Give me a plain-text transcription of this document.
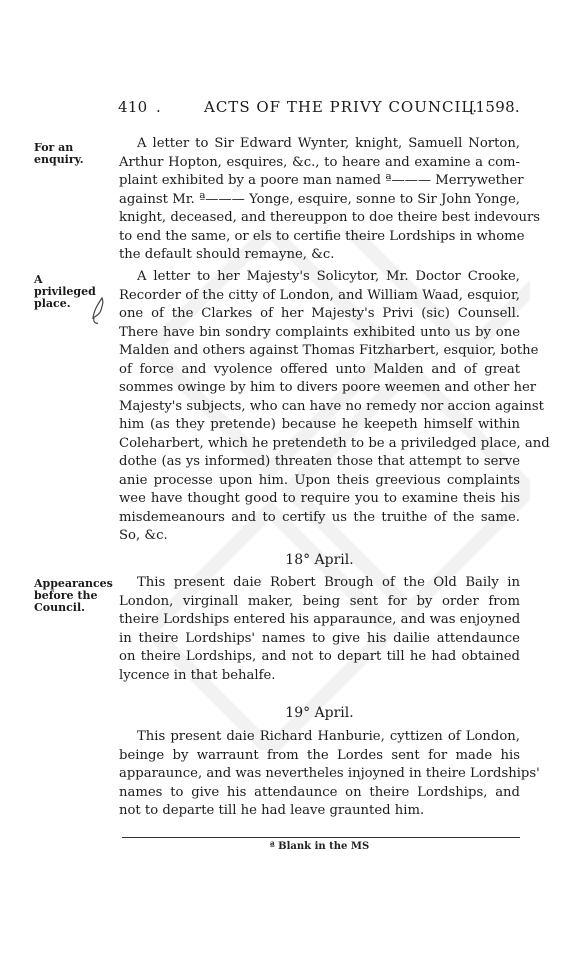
410 .	ACTS OF THE PRIVY COUNCIL.
[1598.
For an
enquiry.
A letter to Sir Edward Wynter, knight, Samuell Norton,
Arthur Hopton, esquires, &c., to heare and examine a com-
plaint exhibited by a poore man named ª——— Merrywether
against Mr. ª——— Yonge, esquire, sonne to Sir John Yonge,
knight, deceased, and thereuppon to doe theire best indevours
to end the same, or els to certifie theire Lordships in whome
the default should remayne, &c.
A privileged
place.
A letter to her Majesty's Solicytor, Mr. Doctor Crooke,
Recorder of the citty of London, and William Waad, esquior,
one of the Clarkes of her Majesty's Privi (sic) Counsell.
There have bin sondry complaints exhibited unto us by one
Malden and others against Thomas Fitzharbert, esquior, bothe
of force and vyolence offered unto Malden and of great
sommes owinge by him to divers poore weemen and other her
Majesty's subjects, who can have no remedy nor accion against
him (as they pretende) because he keepeth himself within
Coleharbert, which he pretendeth to be a priviledged place, and
dothe (as ys informed) threaten those that attempt to serve
anie processe upon him. Upon theis greevious complaints
wee have thought good to require you to examine theis his
misdemeanours and to certify us the truithe of the same.
So, &c.
18° April.
Appearances
before the
Council.
This present daie Robert Brough of the Old Baily in
London, virginall maker, being sent for by order from
theire Lordships entered his apparaunce, and was enjoyned
in theire Lordships' names to give his dailie attendaunce
on theire Lordships, and not to depart till he had obtained
lycence in that behalfe.
19° April.
This present daie Richard Hanburie, cyttizen of London,
beinge by warraunt from the Lordes sent for made his
apparaunce, and was nevertheles injoyned in theire Lordships'
names to give his attendaunce on theire Lordships, and
not to departe till he had leave graunted him.
ª Blank in the MS
